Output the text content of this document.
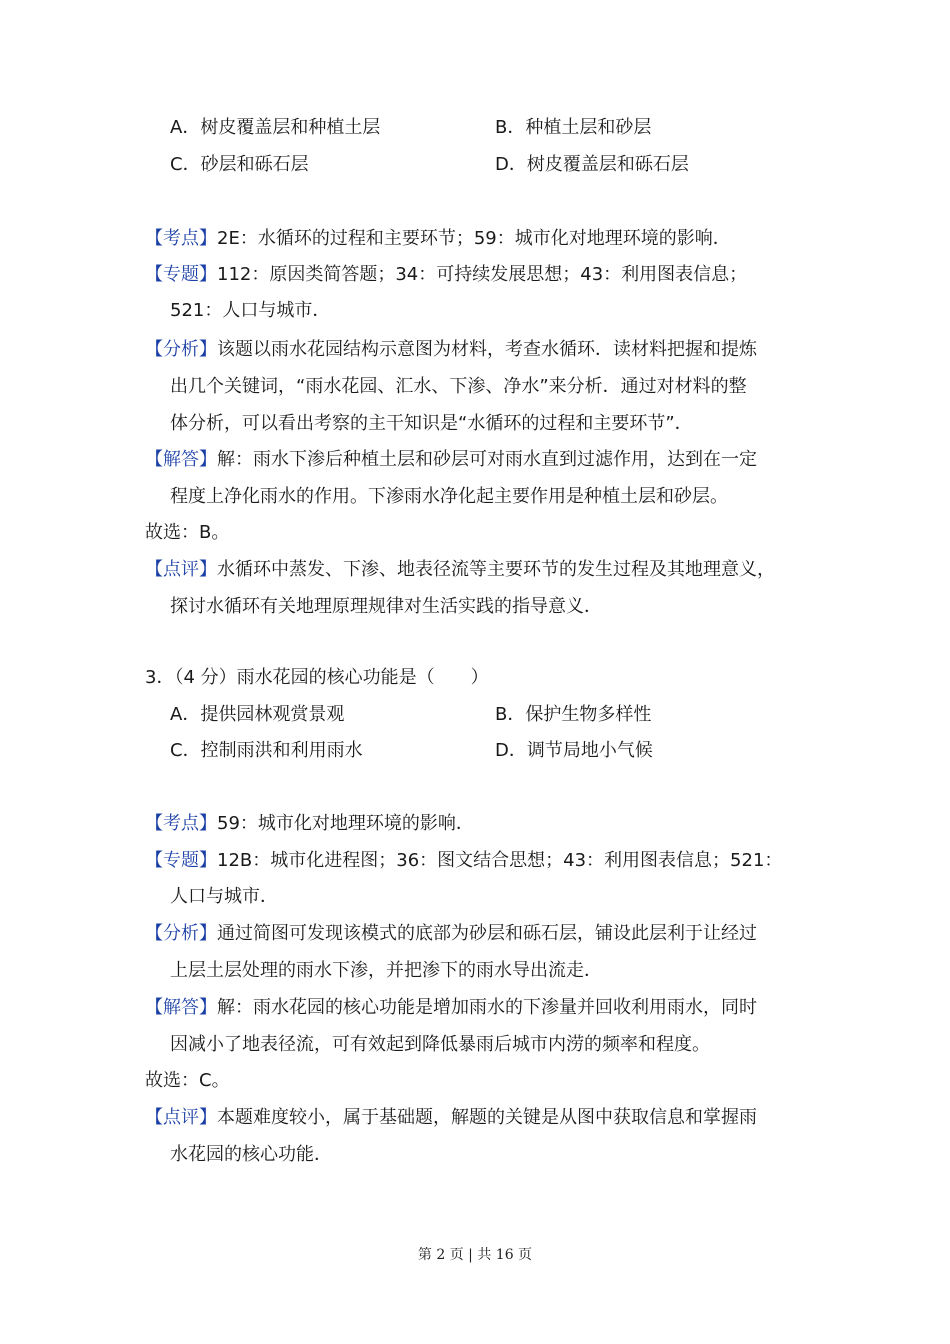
A．树皮覆盖层和种植土层	B．种植土层和砂层
C．砂层和砾石层	D．树皮覆盖层和砾石层
【考点】2E：水循环的过程和主要环节；59：城市化对地理环境的影响．
【专题】112：原因类简答题；34：可持续发展思想；43：利用图表信息；
521：人口与城市．
【分析】该题以雨水花园结构示意图为材料，考查水循环．读材料把握和提炼
出几个关键词，“雨水花园、汇水、下渗、净水”来分析．通过对材料的整
体分析，可以看出考察的主干知识是“水循环的过程和主要环节”．
【解答】解：雨水下渗后种植土层和砂层可对雨水直到过滤作用，达到在一定
程度上净化雨水的作用。下渗雨水净化起主要作用是种植土层和砂层。
故选：B。
【点评】水循环中蒸发、下渗、地表径流等主要环节的发生过程及其地理意义，
探讨水循环有关地理原理规律对生活实践的指导意义．
3．（4 分）雨水花园的核心功能是（　　）
A．提供园林观赏景观	B．保护生物多样性
C．控制雨洪和利用雨水	D．调节局地小气候
【考点】59：城市化对地理环境的影响．
【专题】12B：城市化进程图；36：图文结合思想；43：利用图表信息；521：
人口与城市．
【分析】通过简图可发现该模式的底部为砂层和砾石层，铺设此层利于让经过
上层土层处理的雨水下渗，并把渗下的雨水导出流走．
【解答】解：雨水花园的核心功能是增加雨水的下渗量并回收利用雨水，同时
因减小了地表径流，可有效起到降低暴雨后城市内涝的频率和程度。
故选：C。
【点评】本题难度较小，属于基础题，解题的关键是从图中获取信息和掌握雨
水花园的核心功能．
第 2 页 | 共 16 页
